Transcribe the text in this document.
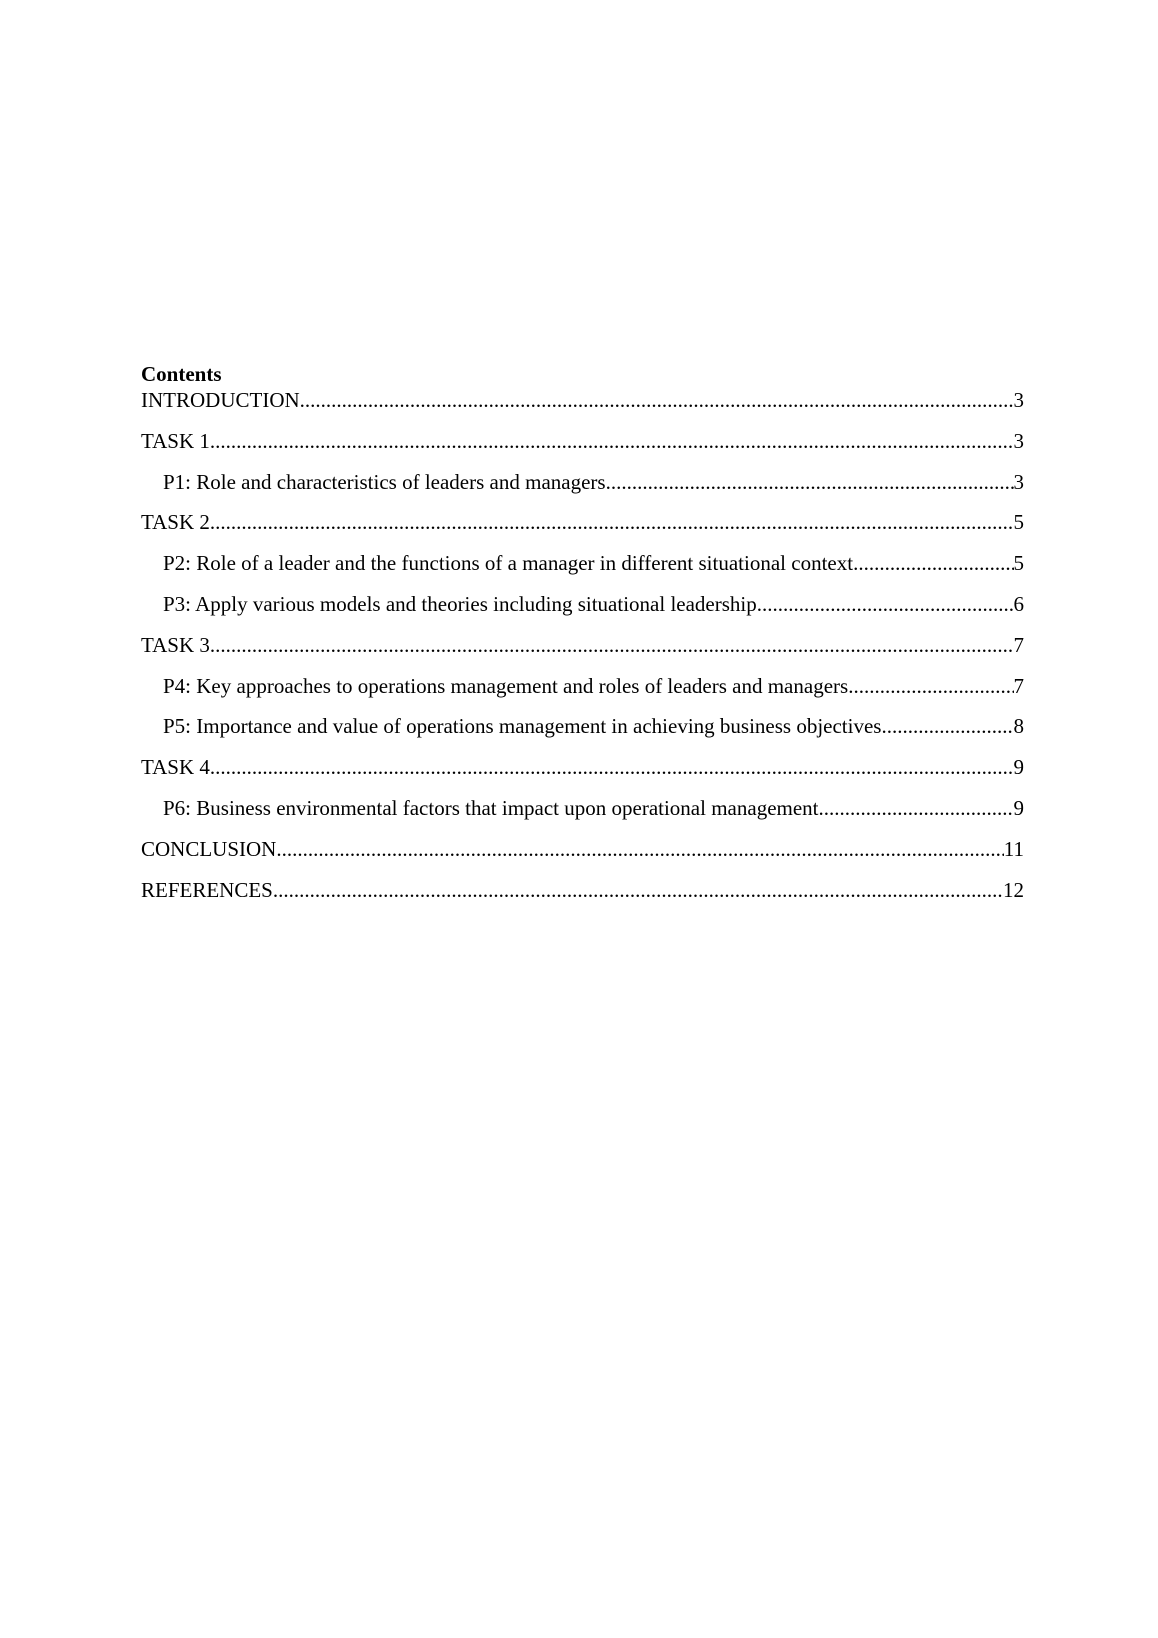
Contents
INTRODUCTION .....	3
TASK 1 .....	3
P1: Role and characteristics of leaders and managers .....	3
TASK 2 .....	5
P2: Role of a leader and the functions of a manager in different situational context .....	5
P3: Apply various models and theories including situational leadership .....	6
TASK 3 .....	7
P4: Key approaches to operations management and roles of leaders and managers .....	7
P5: Importance and value of operations management in achieving business objectives .....	8
TASK 4 .....	9
P6: Business environmental factors that impact upon operational management .....	9
CONCLUSION .....	11
REFERENCES .....	12
